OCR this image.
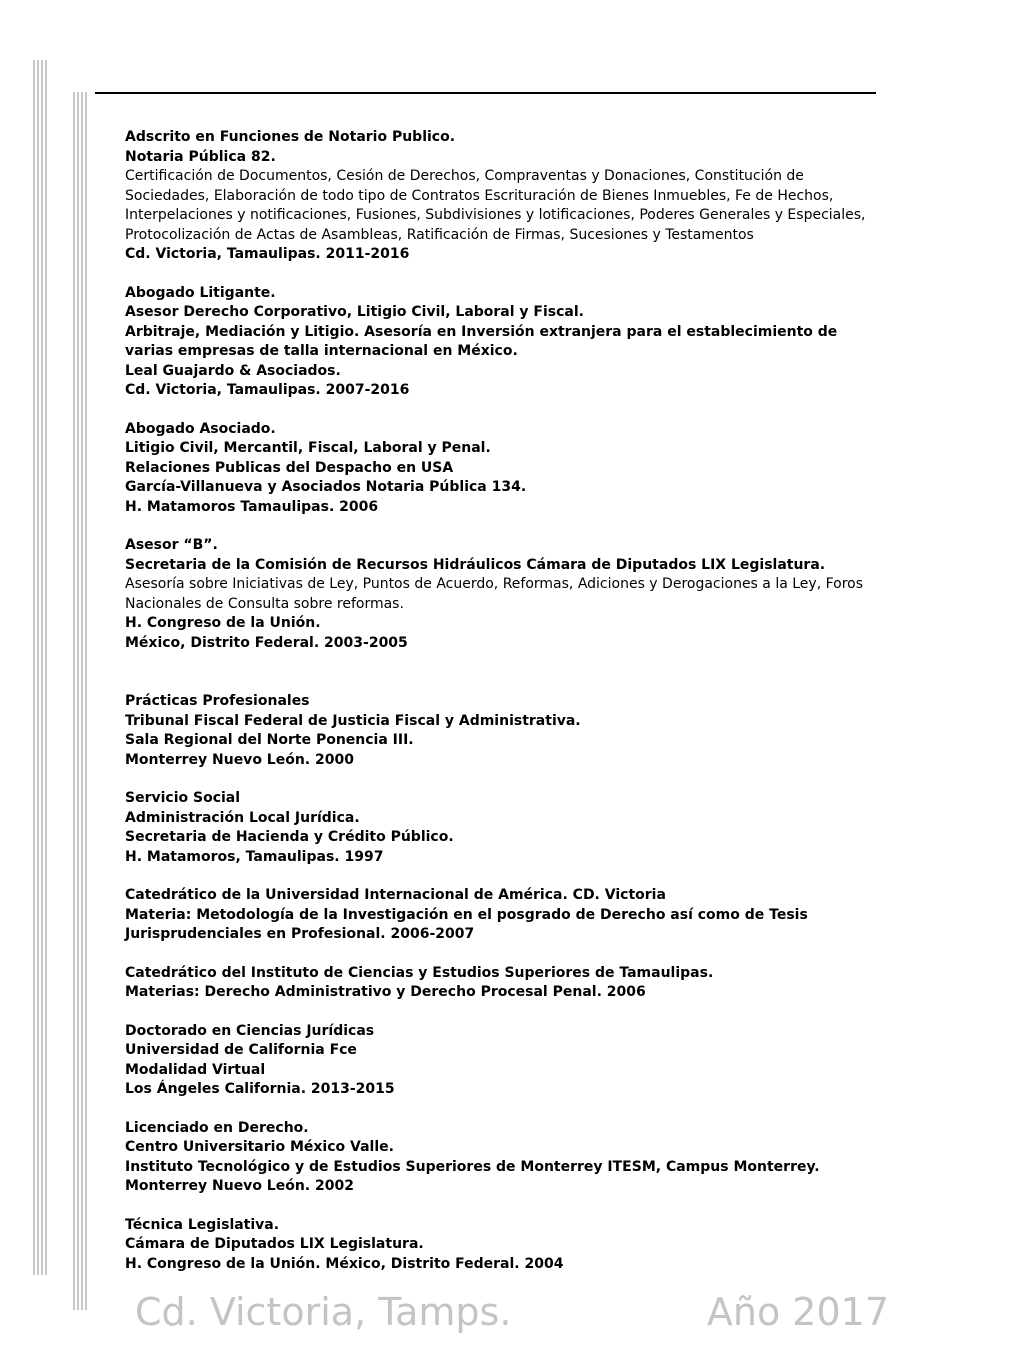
Adscrito en Funciones de Notario Publico.
Notaria Pública 82.
Certificación de Documentos, Cesión de Derechos, Compraventas y Donaciones, Constitución de Sociedades, Elaboración de todo tipo de Contratos Escrituración de Bienes Inmuebles, Fe de Hechos, Interpelaciones y notificaciones, Fusiones, Subdivisiones y lotificaciones, Poderes Generales y Especiales, Protocolización de Actas de Asambleas, Ratificación de Firmas, Sucesiones y Testamentos
Cd. Victoria, Tamaulipas. 2011-2016
Abogado Litigante.
Asesor Derecho Corporativo, Litigio Civil, Laboral y Fiscal.
Arbitraje, Mediación y Litigio. Asesoría en Inversión extranjera para el establecimiento de varias empresas de talla internacional en México.
Leal Guajardo & Asociados.
Cd. Victoria, Tamaulipas. 2007-2016
Abogado Asociado.
Litigio Civil, Mercantil, Fiscal, Laboral y Penal.
Relaciones Publicas del Despacho en USA
García-Villanueva y Asociados Notaria Pública 134.
H. Matamoros Tamaulipas. 2006
Asesor “B”.
Secretaria de la Comisión de Recursos Hidráulicos Cámara de Diputados LIX Legislatura.
Asesoría sobre Iniciativas de Ley, Puntos de Acuerdo, Reformas, Adiciones y Derogaciones a la Ley, Foros Nacionales de Consulta sobre reformas.
H. Congreso de la Unión.
México, Distrito Federal. 2003-2005
Prácticas Profesionales
Tribunal Fiscal Federal de Justicia Fiscal y Administrativa.
Sala Regional del Norte Ponencia III.
Monterrey Nuevo León. 2000
Servicio Social
Administración Local Jurídica.
Secretaria de Hacienda y Crédito Público.
H. Matamoros, Tamaulipas. 1997
Catedrático de la Universidad Internacional de América. CD. Victoria
Materia: Metodología de la Investigación en el posgrado de Derecho así como de Tesis
Jurisprudenciales en Profesional. 2006-2007
Catedrático del Instituto de Ciencias y Estudios Superiores de Tamaulipas.
Materias: Derecho Administrativo y Derecho Procesal Penal. 2006
Doctorado en Ciencias Jurídicas
Universidad de California Fce
Modalidad Virtual
Los Ángeles California. 2013-2015
Licenciado en Derecho.
Centro Universitario México Valle.
Instituto Tecnológico y de Estudios Superiores de Monterrey ITESM, Campus Monterrey.
Monterrey Nuevo León. 2002
Técnica Legislativa.
Cámara de Diputados LIX Legislatura.
H. Congreso de la Unión. México, Distrito Federal. 2004
Cd. Victoria, Tamps.	Año 2017
